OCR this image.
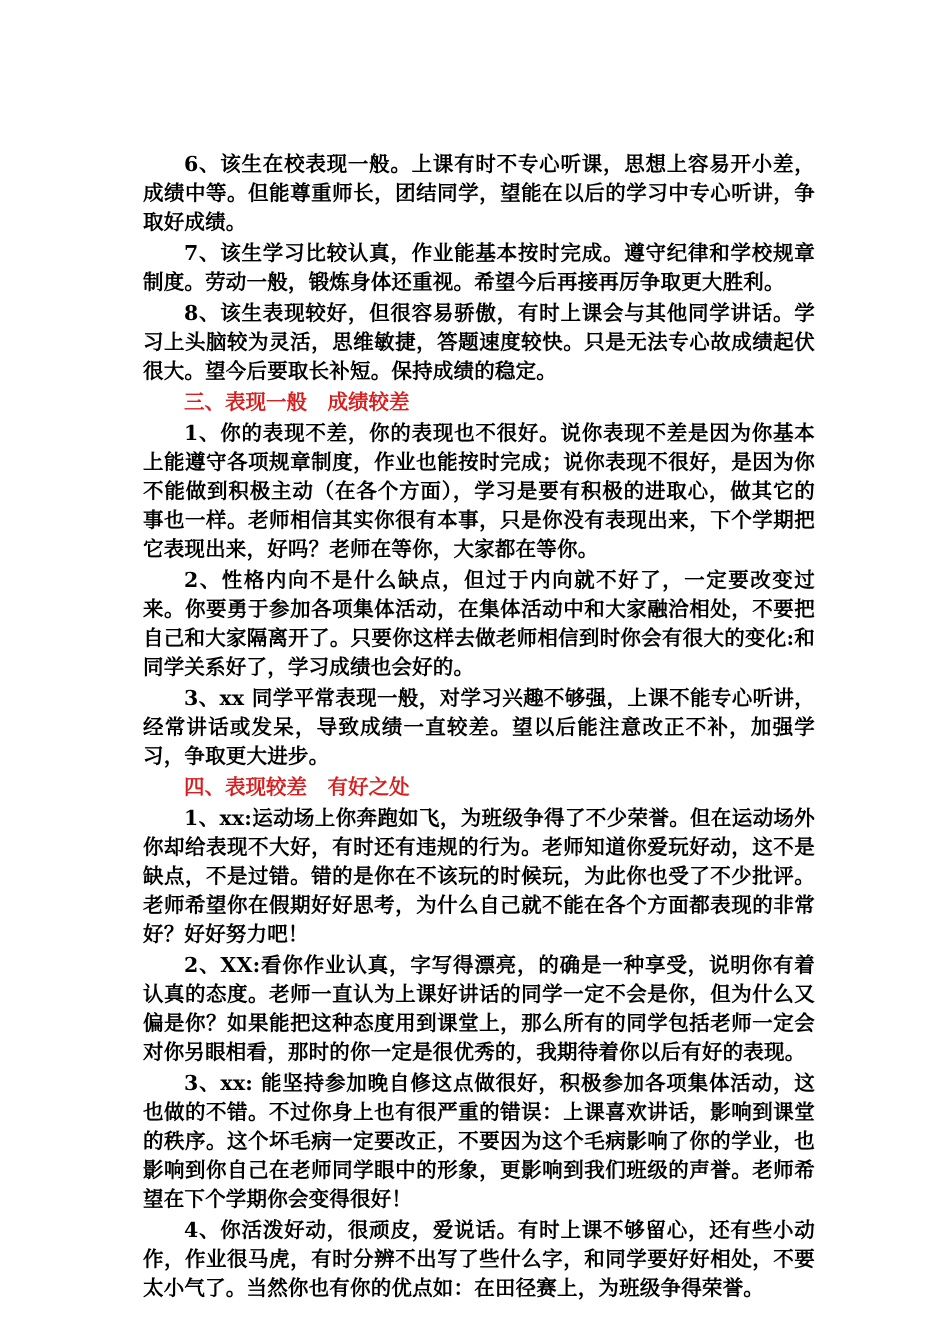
6、该生在校表现一般。上课有时不专心听课，思想上容易开小差，成绩中等。但能尊重师长，团结同学，望能在以后的学习中专心听讲，争取好成绩。

7、该生学习比较认真，作业能基本按时完成。遵守纪律和学校规章制度。劳动一般，锻炼身体还重视。希望今后再接再厉争取更大胜利。

8、该生表现较好，但很容易骄傲，有时上课会与其他同学讲话。学习上头脑较为灵活，思维敏捷，答题速度较快。只是无法专心故成绩起伏很大。望今后要取长补短。保持成绩的稳定。

三、表现一般　成绩较差

1、你的表现不差，你的表现也不很好。说你表现不差是因为你基本上能遵守各项规章制度，作业也能按时完成；说你表现不很好，是因为你不能做到积极主动（在各个方面），学习是要有积极的进取心，做其它的事也一样。老师相信其实你很有本事，只是你没有表现出来，下个学期把它表现出来，好吗？老师在等你，大家都在等你。

2、性格内向不是什么缺点，但过于内向就不好了，一定要改变过来。你要勇于参加各项集体活动，在集体活动中和大家融洽相处，不要把自己和大家隔离开了。只要你这样去做老师相信到时你会有很大的变化:和同学关系好了，学习成绩也会好的。

3、xx 同学平常表现一般，对学习兴趣不够强，上课不能专心听讲，经常讲话或发呆，导致成绩一直较差。望以后能注意改正不补，加强学习，争取更大进步。

四、表现较差　有好之处

1、xx:运动场上你奔跑如飞，为班级争得了不少荣誉。但在运动场外你却给表现不大好，有时还有违规的行为。老师知道你爱玩好动，这不是缺点，不是过错。错的是你在不该玩的时候玩，为此你也受了不少批评。老师希望你在假期好好思考，为什么自己就不能在各个方面都表现的非常好？好好努力吧！

2、XX:看你作业认真，字写得漂亮，的确是一种享受，说明你有着认真的态度。老师一直认为上课好讲话的同学一定不会是你，但为什么又偏是你？如果能把这种态度用到课堂上，那么所有的同学包括老师一定会对你另眼相看，那时的你一定是很优秀的，我期待着你以后有好的表现。

3、xx: 能坚持参加晚自修这点做很好，积极参加各项集体活动，这也做的不错。不过你身上也有很严重的错误：上课喜欢讲话，影响到课堂的秩序。这个坏毛病一定要改正，不要因为这个毛病影响了你的学业，也影响到你自己在老师同学眼中的形象，更影响到我们班级的声誉。老师希望在下个学期你会变得很好！

4、你活泼好动，很顽皮，爱说话。有时上课不够留心，还有些小动作，作业很马虎，有时分辨不出写了些什么字，和同学要好好相处，不要太小气了。当然你也有你的优点如：在田径赛上，为班级争得荣誉。
